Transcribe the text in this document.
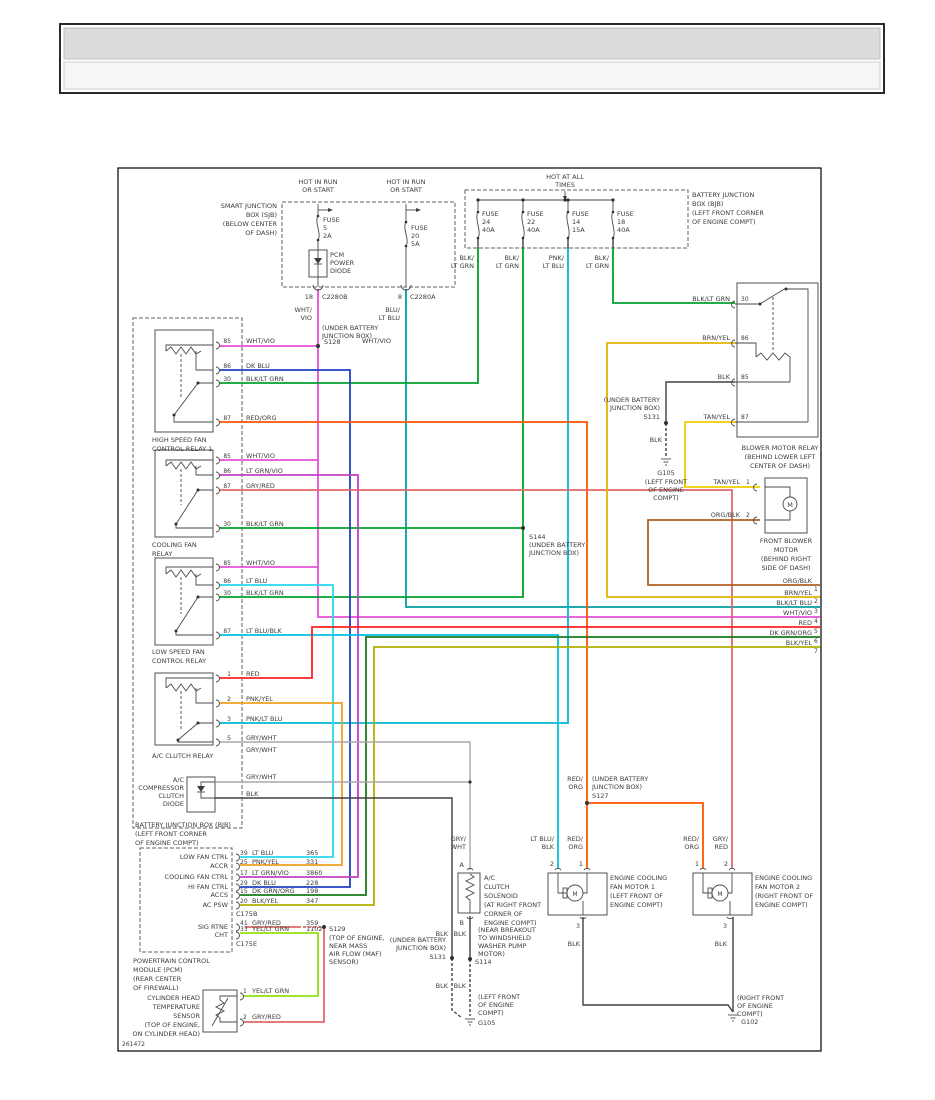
HOT IN RUN
OR START
HOT IN RUN
OR START
SMART JUNCTION
BOX (SJB)
(BELOW CENTER
OF DASH)
FUSE
5
2A
FUSE
20
5A
PCM
POWER
DIODE
18 C2280B	8 C2280A
WHT/
VIO
BLU/
LT BLU
(UNDER BATTERY
JUNCTION BOX)
S128	WHT/VIO
HOT AT ALL
TIMES
BATTERY JUNCTION
BOX (BJB)
(LEFT FRONT CORNER
OF ENGINE COMPT)
FUSE
24
40A
FUSE
22
40A
FUSE
14
15A
FUSE
18
40A
BLK/
LT GRN
BLK/
LT GRN
PNK/
LT BLU
BLK/
LT GRN
85 WHT/VIO
86 DK BLU
30 BLK/LT GRN
87 RED/ORG
HIGH SPEED FAN
CONTROL RELAY 1
85 WHT/VIO
86 LT GRN/VIO
87 GRY/RED
30 BLK/LT GRN
COOLING FAN
RELAY
85 WHT/VIO
86 LT BLU
30 BLK/LT GRN
87 LT BLU/BLK
LOW SPEED FAN
CONTROL RELAY
1 RED
2 PNK/YEL
3 PNK/LT BLU
5 GRY/WHT
GRY/WHT
A/C CLUTCH RELAY
A/C
COMPRESSOR
CLUTCH
DIODE
GRY/WHT
BLK
BATTERY JUNCTION BOX (BJB)
(LEFT FRONT CORNER
OF ENGINE COMPT)
30
BLK/LT GRN
86
BRN/YEL
85
BLK
87
TAN/YEL
BLOWER MOTOR RELAY
(BEHIND LOWER LEFT
CENTER OF DASH)
(UNDER BATTERY
JUNCTION BOX)
S131
BLK
G105
(LEFT FRONT
OF ENGINE
COMPT)
TAN/YEL 1
ORG/BLK 2
M
FRONT BLOWER
MOTOR
(BEHIND RIGHT
SIDE OF DASH)
ORG/BLK
1
BRN/YEL
2
BLK/LT BLU
3
WHT/VIO
4
RED
5
DK GRN/ORG
6
BLK/YEL
7
S144
(UNDER BATTERY
JUNCTION BOX)
RED/
ORG
(UNDER BATTERY
JUNCTION BOX)
S127
LOW FAN CTRL 39 LT BLU	365
ACCR 25 PNK/YEL	331
COOLING FAN CTRL 17 LT GRN/VIO	3860
HI FAN CTRL 29 DK BLU	228
ACCS 15 DK GRN/ORG 198
AC PSW 20 BLK/YEL	347
C175B
SIG RTNE 41 GRY/RED	359
CHT
33 YEL/LT GRN	1102
C175E
POWERTRAIN CONTROL
MODULE (PCM)
(REAR CENTER
OF FIREWALL)
S129
(TOP OF ENGINE,
NEAR MASS
AIR FLOW (MAF)
SENSOR)
GRY/
WHT
A
B
A/C
CLUTCH
SOLENOID
(AT RIGHT FRONT
CORNER OF
ENGINE COMPT)
BLK BLK
(UNDER BATTERY
JUNCTION BOX)
S131
(NEAR BREAKOUT
TO WINDSHIELD
WASHER PUMP
MOTOR)
S114
BLK BLK
(LEFT FRONT
OF ENGINE
COMPT)
G105
LT BLU/
BLK
RED/
ORG
2	1
M
ENGINE COOLING
FAN MOTOR 1
(LEFT FRONT OF
ENGINE COMPT)
3
BLK
RED/
ORG
GRY/
RED
1	2
M
ENGINE COOLING
FAN MOTOR 2
(RIGHT FRONT OF
ENGINE COMPT)
3
BLK
(RIGHT FRONT
OF ENGINE
COMPT)
G102
CYLINDER HEAD
TEMPERATURE
SENSOR
(TOP OF ENGINE,
ON CYLINDER HEAD)
1 YEL/LT GRN
2 GRY/RED
261472
